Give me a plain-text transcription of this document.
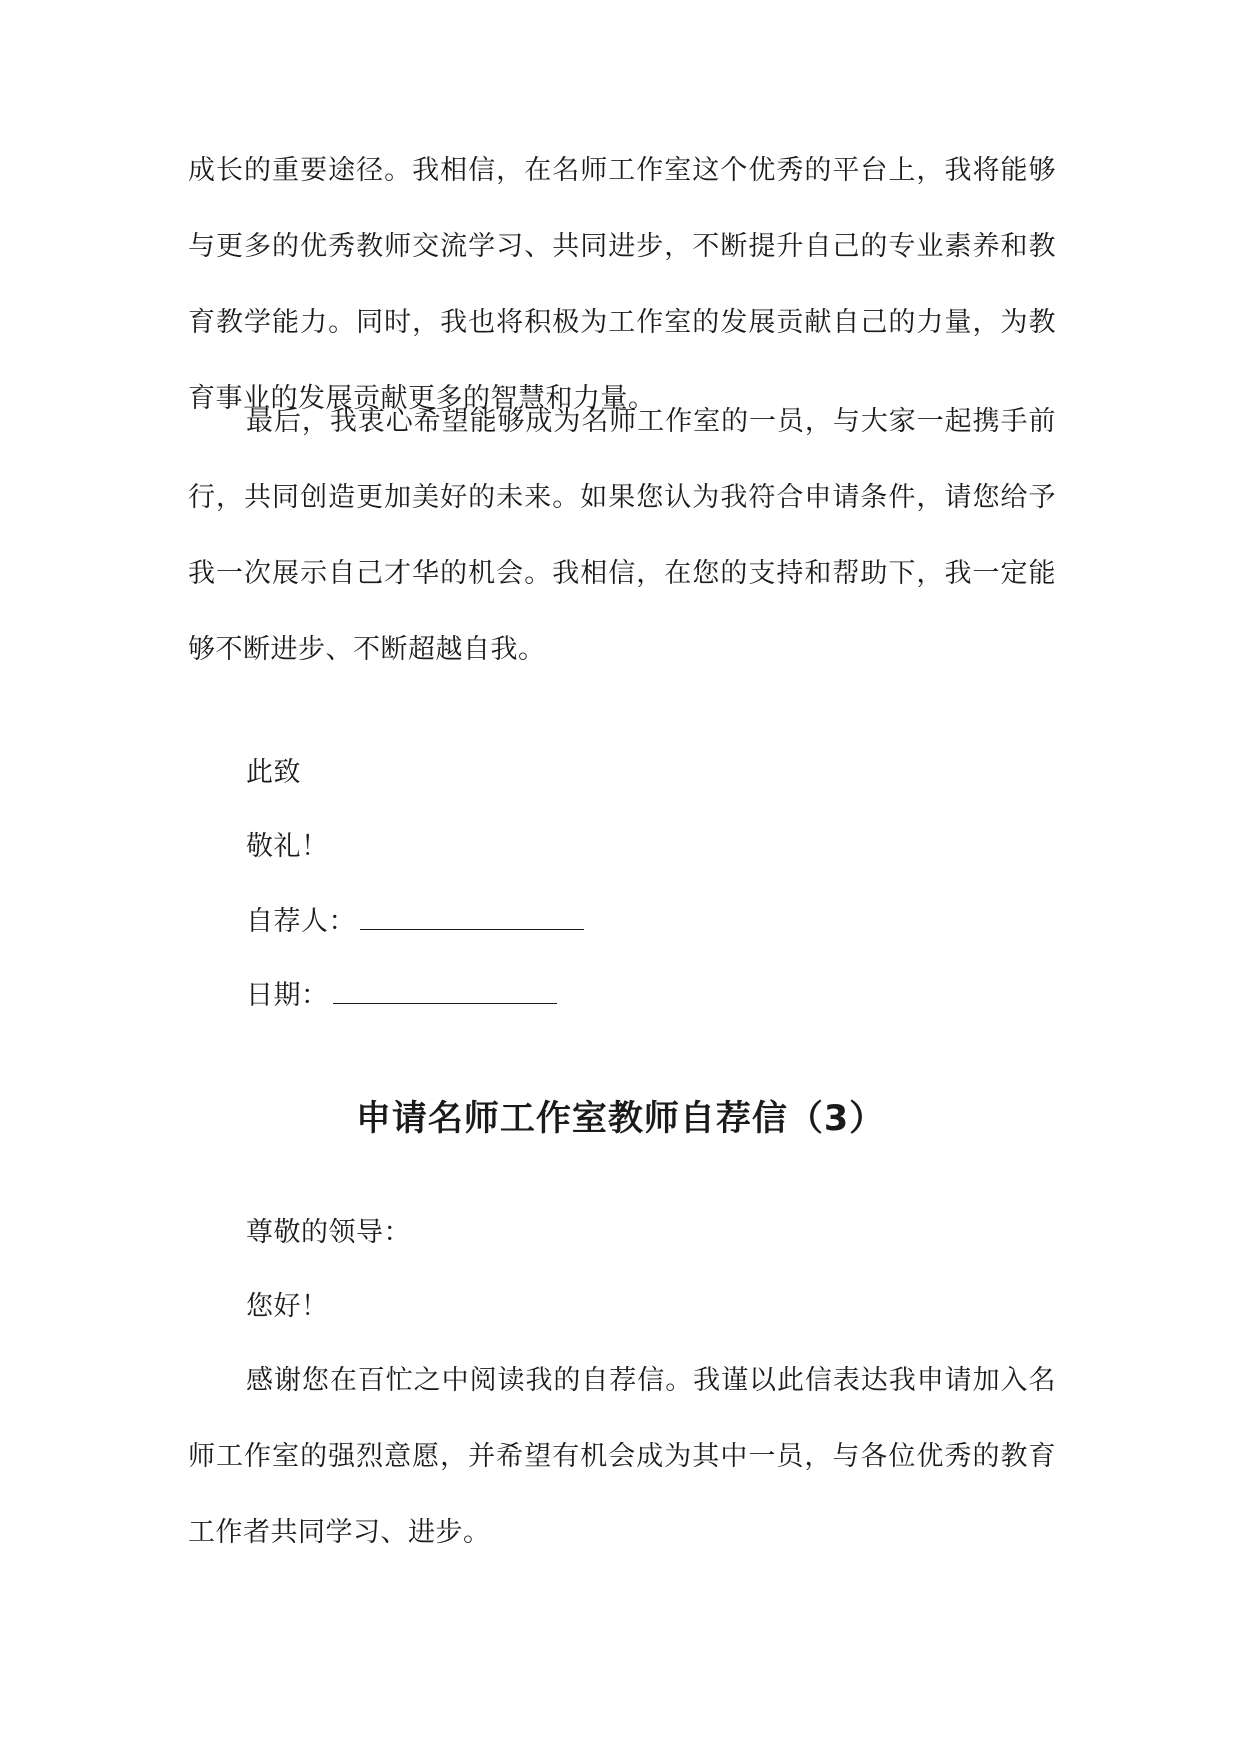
成长的重要途径。我相信，在名师工作室这个优秀的平台上，我将能够与更多的优秀教师交流学习、共同进步，不断提升自己的专业素养和教育教学能力。同时，我也将积极为工作室的发展贡献自己的力量，为教育事业的发展贡献更多的智慧和力量。

最后，我衷心希望能够成为名师工作室的一员，与大家一起携手前行，共同创造更加美好的未来。如果您认为我符合申请条件，请您给予我一次展示自己才华的机会。我相信，在您的支持和帮助下，我一定能够不断进步、不断超越自我。

此致

敬礼！

自荐人：

日期：

申请名师工作室教师自荐信（3）

尊敬的领导：

您好！

感谢您在百忙之中阅读我的自荐信。我谨以此信表达我申请加入名师工作室的强烈意愿，并希望有机会成为其中一员，与各位优秀的教育工作者共同学习、进步。
